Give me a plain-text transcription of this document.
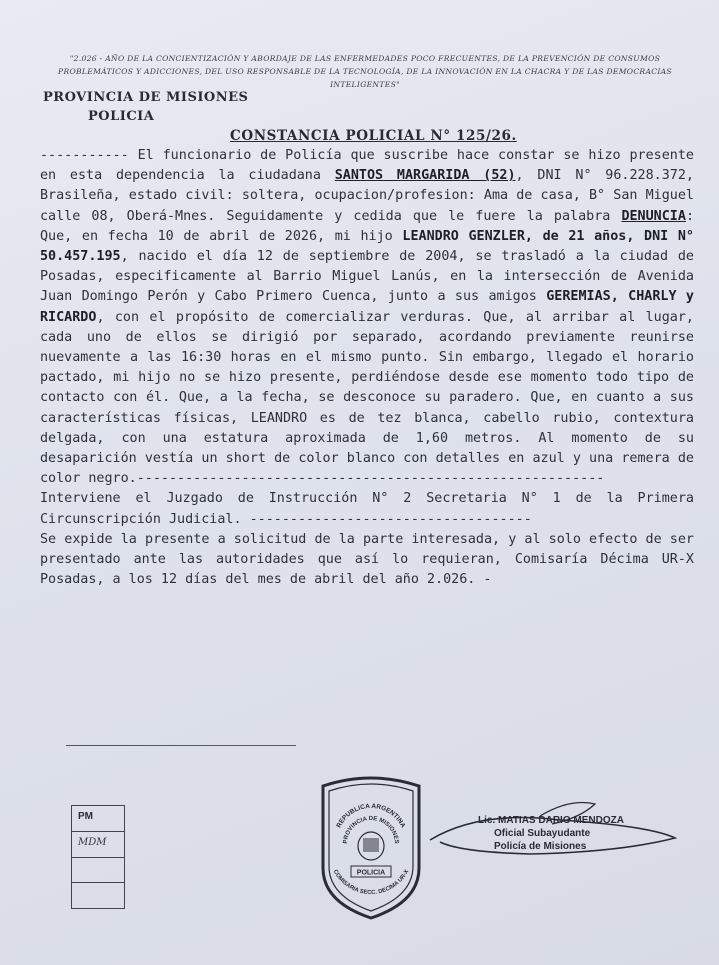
"2.026 - AÑO DE LA CONCIENTIZACIÓN Y ABORDAJE DE LAS ENFERMEDADES POCO FRECUENTES, DE LA PREVENCIÓN DE CONSUMOS PROBLEMÁTICOS Y ADICCIONES, DEL USO RESPONSABLE DE LA TECNOLOGÍA, DE LA INNOVACIÓN EN LA CHACRA Y DE LAS DEMOCRACIAS INTELIGENTES"
PROVINCIA DE MISIONES
POLICIA
CONSTANCIA POLICIAL N° 125/26.
----------- El funcionario de Policía que suscribe hace constar se hizo presente en esta dependencia la ciudadana SANTOS MARGARIDA (52), DNI N° 96.228.372, Brasileña, estado civil: soltera, ocupacion/profesion: Ama de casa, B° San Miguel calle 08, Oberá-Mnes. Seguidamente y cedida que le fuere la palabra DENUNCIA: Que, en fecha 10 de abril de 2026, mi hijo LEANDRO GENZLER, de 21 años, DNI N° 50.457.195, nacido el día 12 de septiembre de 2004, se trasladó a la ciudad de Posadas, especificamente al Barrio Miguel Lanús, en la intersección de Avenida Juan Domingo Perón y Cabo Primero Cuenca, junto a sus amigos GEREMIAS, CHARLY y RICARDO, con el propósito de comercializar verduras. Que, al arribar al lugar, cada uno de ellos se dirigió por separado, acordando previamente reunirse nuevamente a las 16:30 horas en el mismo punto. Sin embargo, llegado el horario pactado, mi hijo no se hizo presente, perdiéndose desde ese momento todo tipo de contacto con él. Que, a la fecha, se desconoce su paradero. Que, en cuanto a sus características físicas, LEANDRO es de tez blanca, cabello rubio, contextura delgada, con una estatura aproximada de 1,60 metros. Al momento de su desaparición vestía un short de color blanco con detalles en azul y una remera de color negro.----------------------------------------------------------
Interviene el Juzgado de Instrucción N° 2 Secretaria N° 1 de la Primera Circunscripción Judicial. -----------------------------------
Se expide la presente a solicitud de la parte interesada, y al solo efecto de ser presentado ante las autoridades que así lo requieran, Comisaría Décima UR-X Posadas, a los 12 días del mes de abril del año 2.026. -
PM
MDM
REPUBLICA ARGENTINA
PROVINCIA DE MISIONES
POLICIA
COMISARIA SECC. DECIMA UR-X
Lic. MATIAS DARIO MENDOZA
Oficial Subayudante
Policía de Misiones
